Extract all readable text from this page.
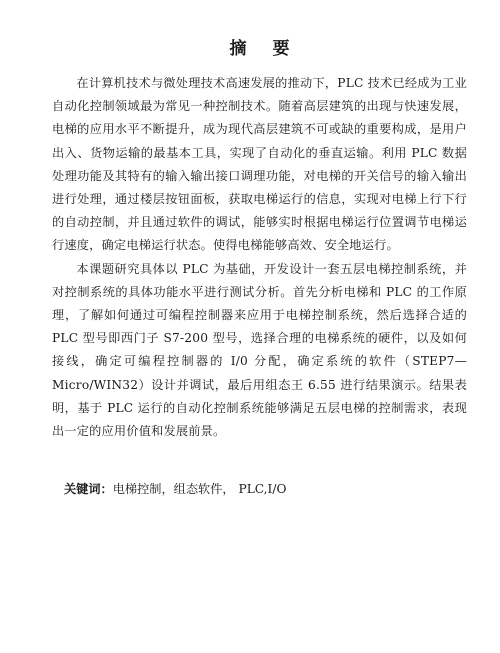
摘 要

在计算机技术与微处理技术高速发展的推动下，PLC 技术已经成为工业自动化控制领域最为常见一种控制技术。随着高层建筑的出现与快速发展，电梯的应用水平不断提升，成为现代高层建筑不可或缺的重要构成，是用户出入、货物运输的最基本工具，实现了自动化的垂直运输。利用 PLC 数据处理功能及其特有的输入输出接口调理功能，对电梯的开关信号的输入输出进行处理，通过楼层按钮面板，获取电梯运行的信息，实现对电梯上行下行的自动控制，并且通过软件的调试，能够实时根据电梯运行位置调节电梯运行速度，确定电梯运行状态。使得电梯能够高效、安全地运行。

本课题研究具体以 PLC 为基础，开发设计一套五层电梯控制系统，并对控制系统的具体功能水平进行测试分析。首先分析电梯和 PLC 的工作原理，了解如何通过可编程控制器来应用于电梯控制系统，然后选择合适的 PLC 型号即西门子 S7-200 型号，选择合理的电梯系统的硬件，以及如何接线，确定可编程控制器的 I/0 分配，确定系统的软件（STEP7—Micro/WIN32）设计并调试，最后用组态王 6.55 进行结果演示。结果表明，基于 PLC 运行的自动化控制系统能够满足五层电梯的控制需求，表现出一定的应用价值和发展前景。

关键词：电梯控制，组态软件， PLC,I/O
